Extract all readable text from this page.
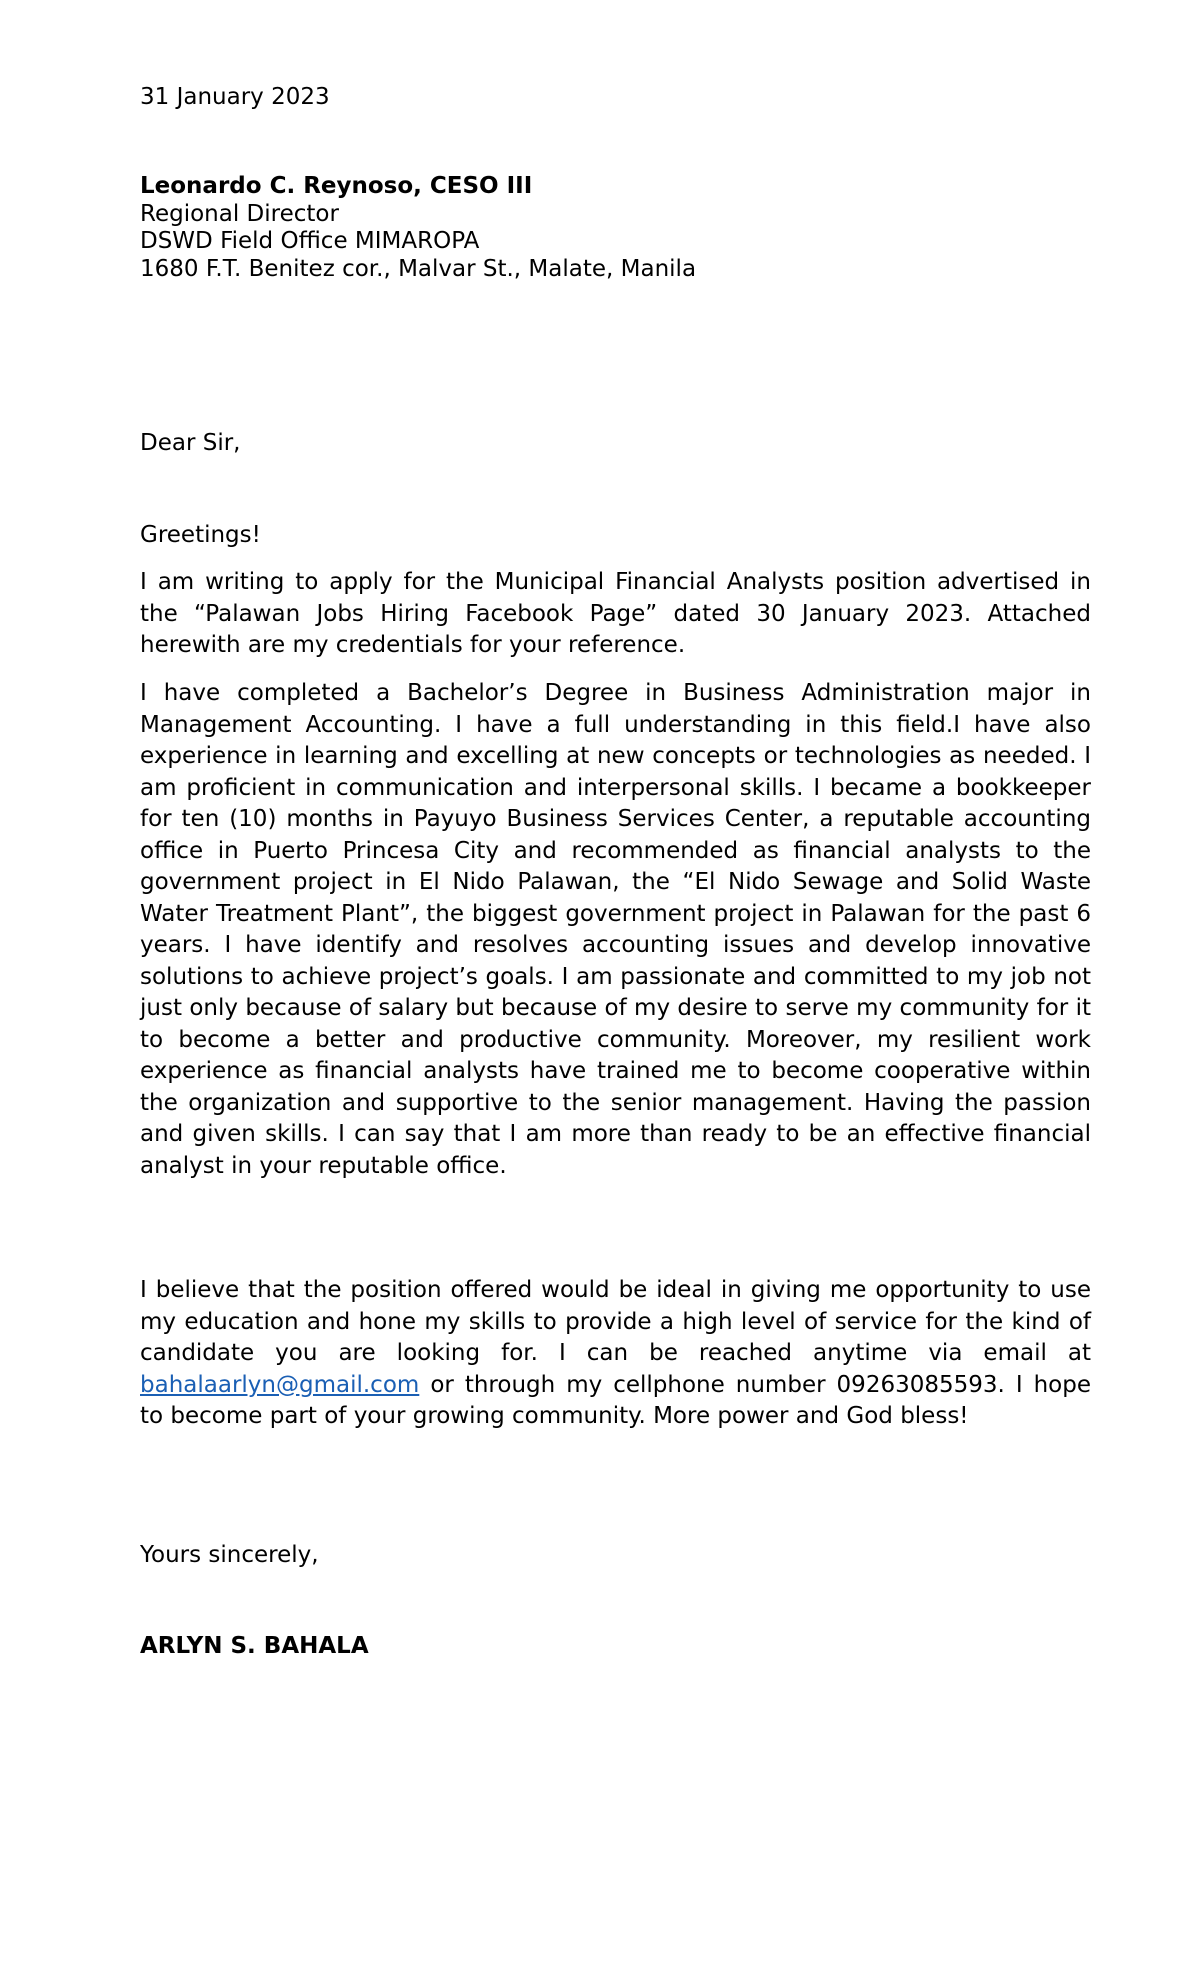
31 January 2023
Leonardo C. Reynoso, CESO III
Regional Director
DSWD Field Office MIMAROPA
1680 F.T. Benitez cor., Malvar St., Malate, Manila
Dear Sir,
Greetings!

I am writing to apply for the Municipal Financial Analysts position advertised in the “Palawan Jobs Hiring Facebook Page” dated 30 January 2023. Attached herewith are my credentials for your reference.

I have completed a Bachelor’s Degree in Business Administration major in Management Accounting. I have a full understanding in this field.I have also experience in learning and excelling at new concepts or technologies as needed. I am proficient in communication and interpersonal skills. I became a bookkeeper for ten (10) months in Payuyo Business Services Center, a reputable accounting office in Puerto Princesa City and recommended as financial analysts to the government project in El Nido Palawan, the “El Nido Sewage and Solid Waste Water Treatment Plant”, the biggest government project in Palawan for the past 6 years. I have identify and resolves accounting issues and develop innovative solutions to achieve project’s goals. I am passionate and committed to my job not just only because of salary but because of my desire to serve my community for it to become a better and productive community. Moreover, my resilient work experience as financial analysts have trained me to become cooperative within the organization and supportive to the senior management. Having the passion and given skills. I can say that I am more than ready to be an effective financial analyst in your reputable office.

I believe that the position offered would be ideal in giving me opportunity to use my education and hone my skills to provide a high level of service for the kind of candidate you are looking for. I can be reached anytime via email at bahalaarlyn@gmail.com or through my cellphone number 09263085593. I hope to become part of your growing community. More power and God bless!

Yours sincerely,
ARLYN S. BAHALA
